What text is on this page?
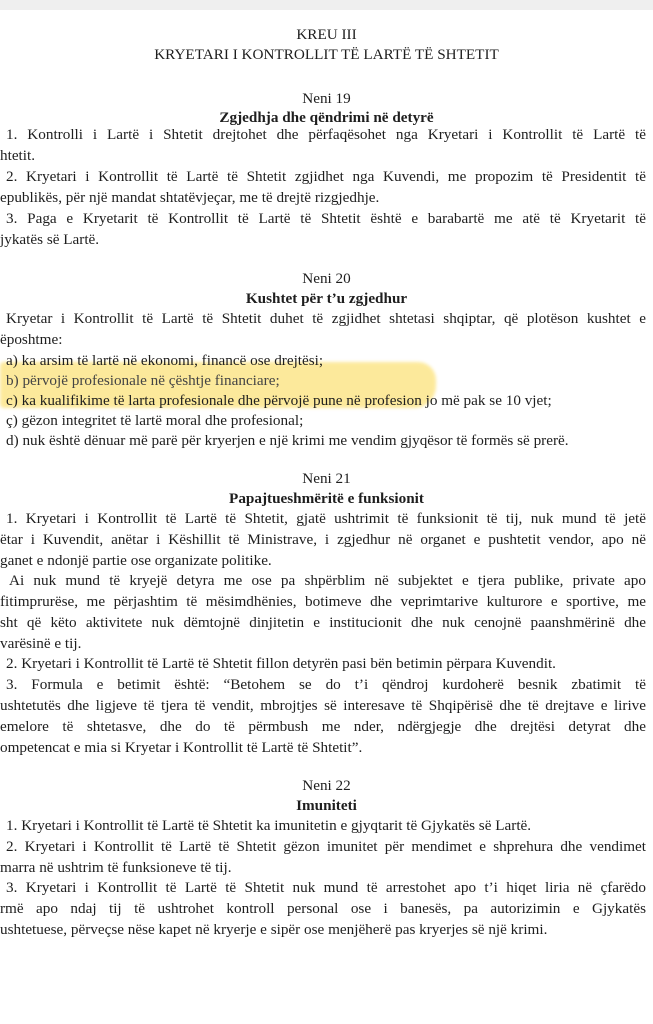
KREU III
KRYETARI I KONTROLLIT TË LARTË TË SHTETIT
Neni 19
Zgjedhja dhe qëndrimi në detyrë
1. Kontrolli i Lartë i Shtetit drejtohet dhe përfaqësohet nga Kryetari i Kontrollit të Lartë të
htetit.
2. Kryetari i Kontrollit të Lartë të Shtetit zgjidhet nga Kuvendi, me propozim të Presidentit të
epublikës, për një mandat shtatëvjeçar, me të drejtë rizgjedhje.
3. Paga e Kryetarit të Kontrollit të Lartë të Shtetit është e barabartë me atë të Kryetarit të
jykatës së Lartë.
Neni 20
Kushtet për t’u zgjedhur
Kryetar i Kontrollit të Lartë të Shtetit duhet të zgjidhet shtetasi shqiptar, që plotëson kushtet e
ëposhtme:
a) ka arsim të lartë në ekonomi, financë ose drejtësi;
b) përvojë profesionale në çështje financiare;
c) ka kualifikime të larta profesionale dhe përvojë pune në profesion jo më pak se 10 vjet;
ç) gëzon integritet të lartë moral dhe profesional;
d) nuk është dënuar më parë për kryerjen e një krimi me vendim gjyqësor të formës së prerë.
Neni 21
Papajtueshmëritë e funksionit
1. Kryetari i Kontrollit të Lartë të Shtetit, gjatë ushtrimit të funksionit të tij, nuk mund të jetë
ëtar i Kuvendit, anëtar i Këshillit të Ministrave, i zgjedhur në organet e pushtetit vendor, apo në
ganet e ndonjë partie ose organizate politike.
Ai nuk mund të kryejë detyra me ose pa shpërblim në subjektet e tjera publike, private apo
fitimprurëse, me përjashtim të mësimdhënies, botimeve dhe veprimtarive kulturore e sportive, me
sht që këto aktivitete nuk dëmtojnë dinjitetin e institucionit dhe nuk cenojnë paanshmërinë dhe
varësinë e tij.
2. Kryetari i Kontrollit të Lartë të Shtetit fillon detyrën pasi bën betimin përpara Kuvendit.
3. Formula e betimit është: “Betohem se do t’i qëndroj kurdoherë besnik zbatimit të
ushtetutës dhe ligjeve të tjera të vendit, mbrojtjes së interesave të Shqipërisë dhe të drejtave e lirive
emelore të shtetasve, dhe do të përmbush me nder, ndërgjegje dhe drejtësi detyrat dhe
ompetencat e mia si Kryetar i Kontrollit të Lartë të Shtetit”.
Neni 22
Imuniteti
1. Kryetari i Kontrollit të Lartë të Shtetit ka imunitetin e gjyqtarit të Gjykatës së Lartë.
2. Kryetari i Kontrollit të Lartë të Shtetit gëzon imunitet për mendimet e shprehura dhe vendimet
marra në ushtrim të funksioneve të tij.
3. Kryetari i Kontrollit të Lartë të Shtetit nuk mund të arrestohet apo t’i hiqet liria në çfarëdo
rmë apo ndaj tij të ushtrohet kontroll personal ose i banesës, pa autorizimin e Gjykatës
ushtetuese, përveçse nëse kapet në kryerje e sipër ose menjëherë pas kryerjes së një krimi.
